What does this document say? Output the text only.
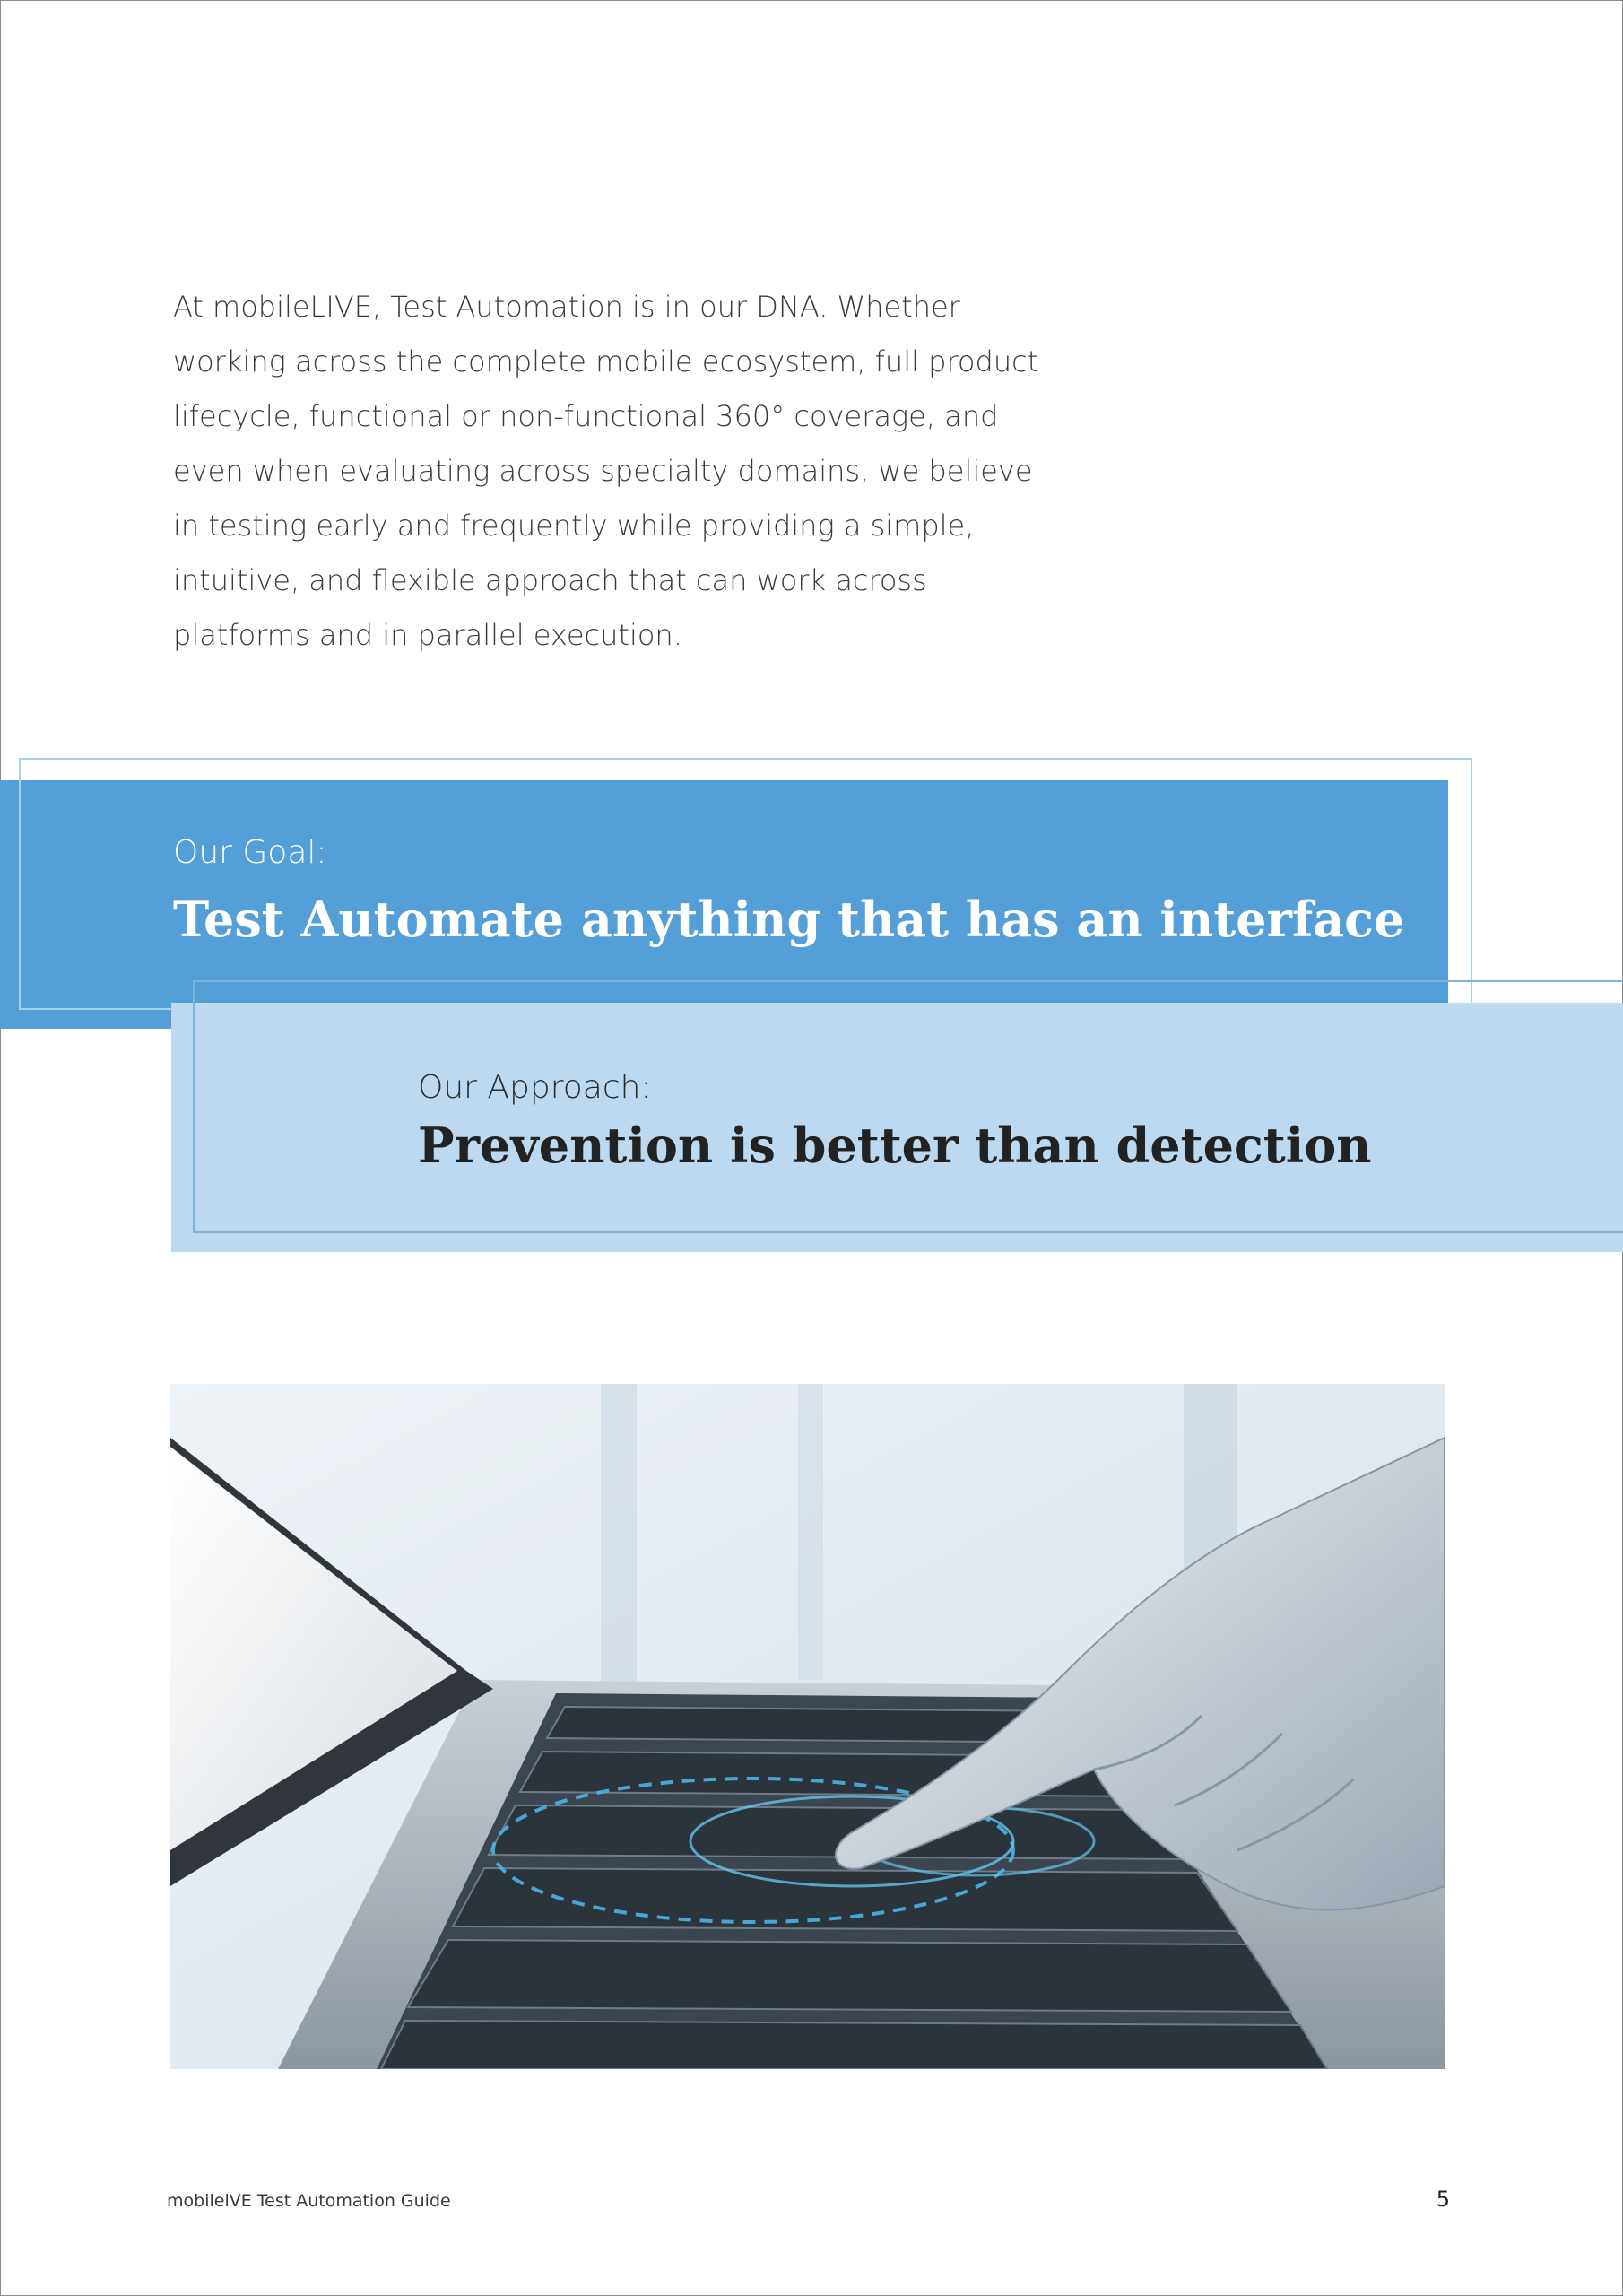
At mobileLIVE, Test Automation is in our DNA. Whether
working across the complete mobile ecosystem, full product
lifecycle, functional or non-functional 360° coverage, and
even when evaluating across specialty domains, we believe
in testing early and frequently while providing a simple,
intuitive, and flexible approach that can work across
platforms and in parallel execution.

Our Goal:
Test Automate anything that has an interface
Our Approach:
Prevention is better than detection
mobilelVE Test Automation Guide	5
